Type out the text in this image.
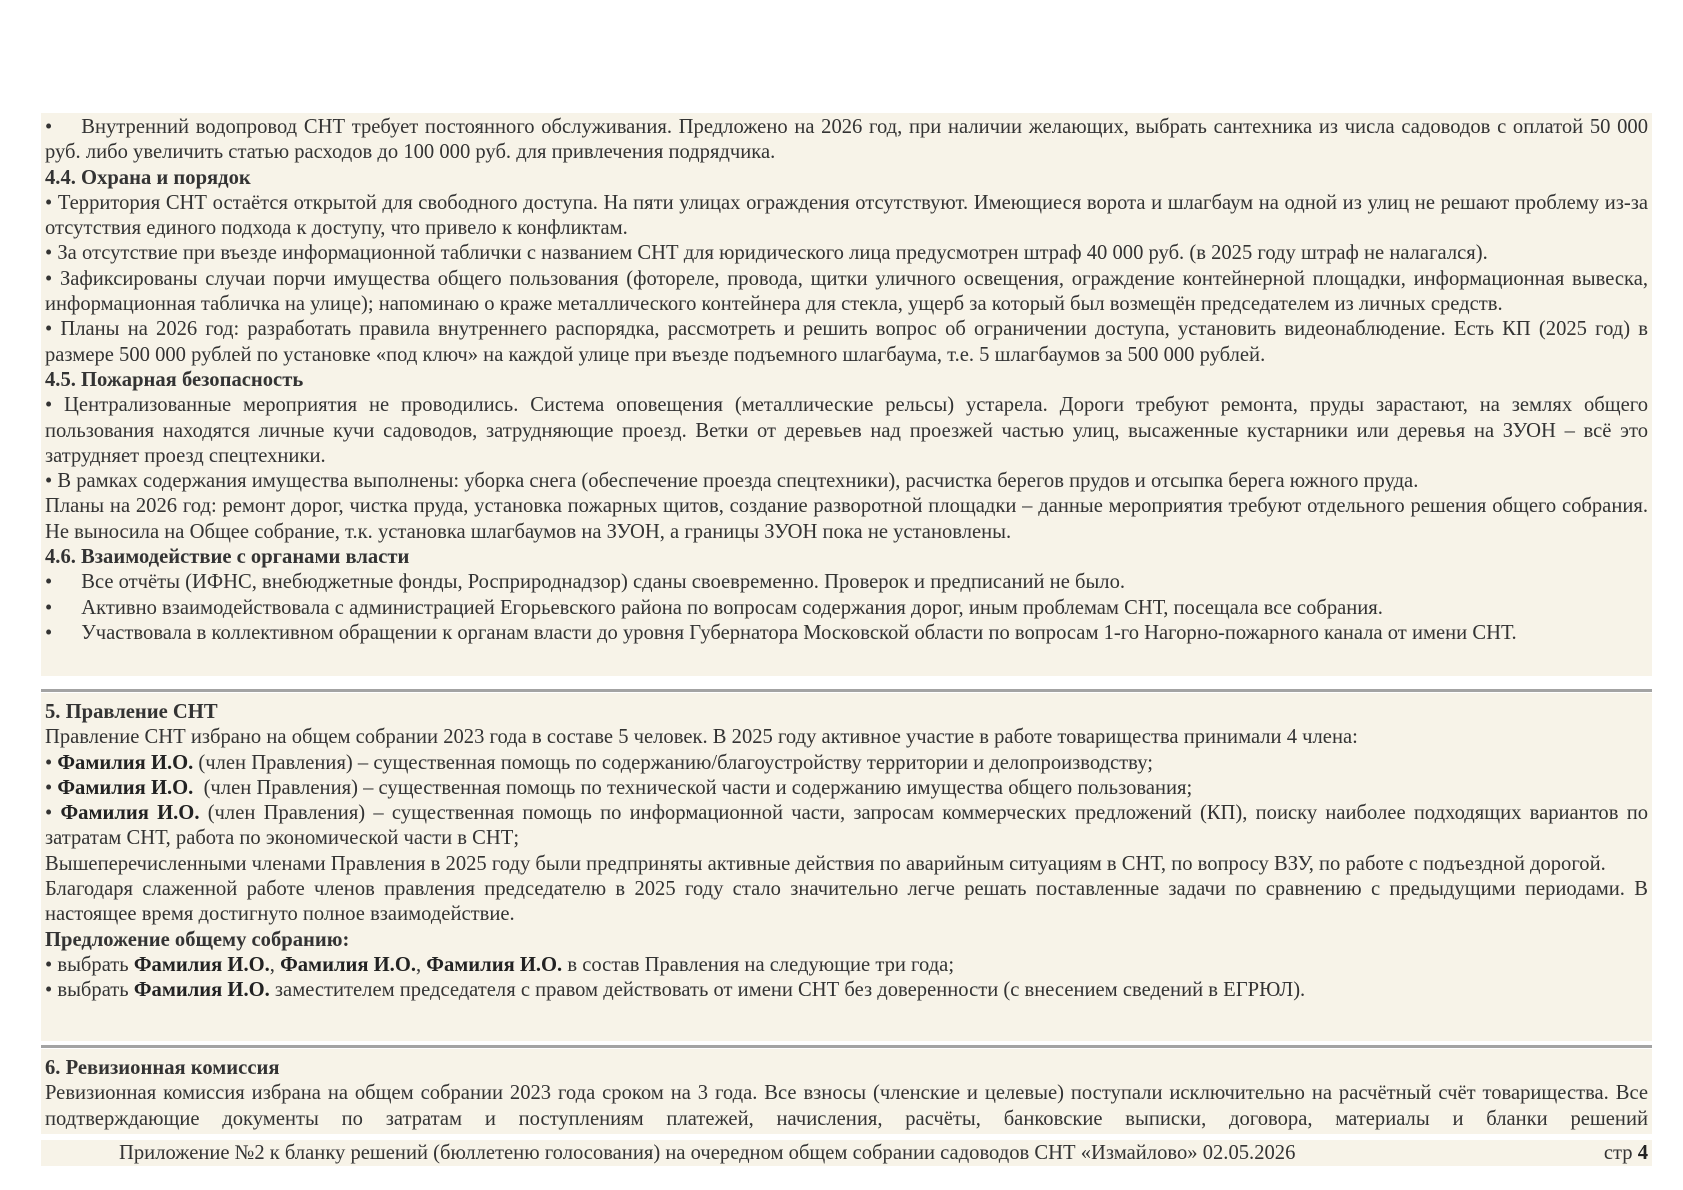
• Внутренний водопровод СНТ требует постоянного обслуживания. Предложено на 2026 год, при наличии желающих, выбрать сантехника из числа садоводов с оплатой 50 000 руб. либо увеличить статью расходов до 100 000 руб. для привлечения подрядчика.

4.4. Охрана и порядок

• Территория СНТ остаётся открытой для свободного доступа. На пяти улицах ограждения отсутствуют. Имеющиеся ворота и шлагбаум на одной из улиц не решают проблему из-за отсутствия единого подхода к доступу, что привело к конфликтам.

• За отсутствие при въезде информационной таблички с названием СНТ для юридического лица предусмотрен штраф 40 000 руб. (в 2025 году штраф не налагался).

• Зафиксированы случаи порчи имущества общего пользования (фотореле, провода, щитки уличного освещения, ограждение контейнерной площадки, информационная вывеска, информационная табличка на улице); напоминаю о краже металлического контейнера для стекла, ущерб за который был возмещён председателем из личных средств.

• Планы на 2026 год: разработать правила внутреннего распорядка, рассмотреть и решить вопрос об ограничении доступа, установить видеонаблюдение. Есть КП (2025 год) в размере 500 000 рублей по установке «под ключ» на каждой улице при въезде подъемного шлагбаума, т.е. 5 шлагбаумов за 500 000 рублей.

4.5. Пожарная безопасность

• Централизованные мероприятия не проводились. Система оповещения (металлические рельсы) устарела. Дороги требуют ремонта, пруды зарастают, на землях общего пользования находятся личные кучи садоводов, затрудняющие проезд. Ветки от деревьев над проезжей частью улиц, высаженные кустарники или деревья на ЗУОН – всё это затрудняет проезд спецтехники.

• В рамках содержания имущества выполнены: уборка снега (обеспечение проезда спецтехники), расчистка берегов прудов и отсыпка берега южного пруда.

Планы на 2026 год: ремонт дорог, чистка пруда, установка пожарных щитов, создание разворотной площадки – данные мероприятия требуют отдельного решения общего собрания. Не выносила на Общее собрание, т.к. установка шлагбаумов на ЗУОН, а границы ЗУОН пока не установлены.

4.6. Взаимодействие с органами власти

• Все отчёты (ИФНС, внебюджетные фонды, Росприроднадзор) сданы своевременно. Проверок и предписаний не было.

• Активно взаимодействовала с администрацией Егорьевского района по вопросам содержания дорог, иным проблемам СНТ, посещала все собрания.

• Участвовала в коллективном обращении к органам власти до уровня Губернатора Московской области по вопросам 1-го Нагорно-пожарного канала от имени СНТ.

5. Правление СНТ

Правление СНТ избрано на общем собрании 2023 года в составе 5 человек. В 2025 году активное участие в работе товарищества принимали 4 члена:

• Фамилия И.О. (член Правления) – существенная помощь по содержанию/благоустройству территории и делопроизводству;

• Фамилия И.О.  (член Правления) – существенная помощь по технической части и содержанию имущества общего пользования;

• Фамилия И.О. (член Правления) – существенная помощь по информационной части, запросам коммерческих предложений (КП), поиску наиболее подходящих вариантов по затратам СНТ, работа по экономической части в СНТ;

Вышеперечисленными членами Правления в 2025 году были предприняты активные действия по аварийным ситуациям в СНТ, по вопросу ВЗУ, по работе с подъездной дорогой.

Благодаря слаженной работе членов правления председателю в 2025 году стало значительно легче решать поставленные задачи по сравнению с предыдущими периодами. В настоящее время достигнуто полное взаимодействие.

Предложение общему собранию:

• выбрать Фамилия И.О., Фамилия И.О., Фамилия И.О. в состав Правления на следующие три года;

• выбрать Фамилия И.О. заместителем председателя с правом действовать от имени СНТ без доверенности (с внесением сведений в ЕГРЮЛ).

6. Ревизионная комиссия

Ревизионная комиссия избрана на общем собрании 2023 года сроком на 3 года. Все взносы (членские и целевые) поступали исключительно на расчётный счёт товарищества. Все подтверждающие документы по затратам и поступлениям платежей, начисления, расчёты, банковские выписки, договора, материалы и бланки решений

Приложение №2 к бланку решений (бюллетеню голосования) на очередном общем собрании садоводов СНТ «Измайлово» 02.05.2026	стр 4
